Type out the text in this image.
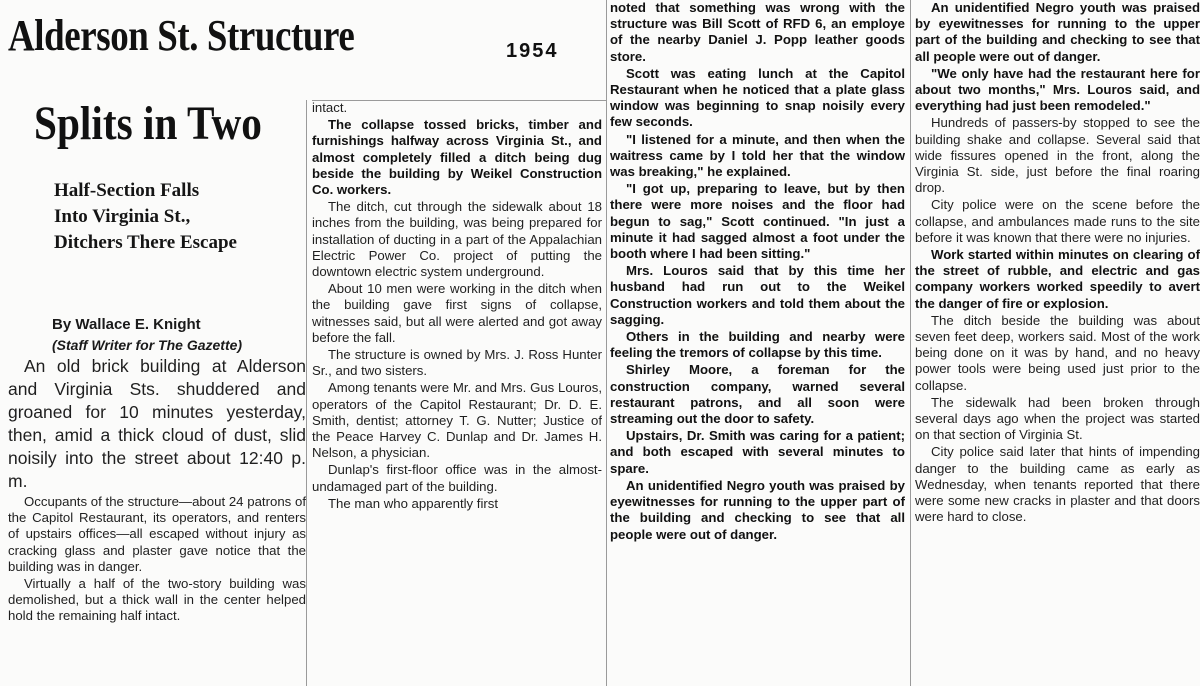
Alderson St. Structure	1954
Splits in Two
Half-Section Falls
Into Virginia St.,
Ditchers There Escape
By Wallace E. Knight
(Staff Writer for The Gazette)

An old brick building at Alderson and Virginia Sts. shuddered and groaned for 10 minutes yesterday, then, amid a thick cloud of dust, slid noisily into the street about 12:40 p. m.

Occupants of the structure—about 24 patrons of the Capitol Restaurant, its operators, and renters of upstairs offices—all escaped without injury as cracking glass and plaster gave notice that the building was in danger.

Virtually a half of the two-story building was demolished, but a thick wall in the center helped hold the remaining half intact.

intact.

The collapse tossed bricks, timber and furnishings halfway across Virginia St., and almost completely filled a ditch being dug beside the building by Weikel Construction Co. workers.

The ditch, cut through the sidewalk about 18 inches from the building, was being prepared for installation of ducting in a part of the Appalachian Electric Power Co. project of putting the downtown electric system underground.

About 10 men were working in the ditch when the building gave first signs of collapse, witnesses said, but all were alerted and got away before the fall.

The structure is owned by Mrs. J. Ross Hunter Sr., and two sisters.

Among tenants were Mr. and Mrs. Gus Louros, operators of the Capitol Restaurant; Dr. D. E. Smith, dentist; attorney T. G. Nutter; Justice of the Peace Harvey C. Dunlap and Dr. James H. Nelson, a physician.

Dunlap's first-floor office was in the almost-undamaged part of the building.

The man who apparently first

noted that something was wrong with the structure was Bill Scott of RFD 6, an employe of the nearby Daniel J. Popp leather goods store.

Scott was eating lunch at the Capitol Restaurant when he noticed that a plate glass window was beginning to snap noisily every few seconds.

"I listened for a minute, and then when the waitress came by I told her that the window was breaking," he explained.

"I got up, preparing to leave, but by then there were more noises and the floor had begun to sag," Scott continued. "In just a minute it had sagged almost a foot under the booth where I had been sitting."

Mrs. Louros said that by this time her husband had run out to the Weikel Construction workers and told them about the sagging.

Others in the building and nearby were feeling the tremors of collapse by this time.

Shirley Moore, a foreman for the construction company, warned several restaurant patrons, and all soon were streaming out the door to safety.

Upstairs, Dr. Smith was caring for a patient; and both escaped with several minutes to spare.

An unidentified Negro youth was praised by eyewitnesses for running to the upper part of the building and checking to see that all people were out of danger.

An unidentified Negro youth was praised by eyewitnesses for running to the upper part of the building and checking to see that all people were out of danger.

"We only have had the restaurant here for about two months," Mrs. Louros said, and everything had just been remodeled."

Hundreds of passers-by stopped to see the building shake and collapse. Several said that wide fissures opened in the front, along the Virginia St. side, just before the final roaring drop.

City police were on the scene before the collapse, and ambulances made runs to the site before it was known that there were no injuries.

Work started within minutes on clearing of the street of rubble, and electric and gas company workers worked speedily to avert the danger of fire or explosion.

The ditch beside the building was about seven feet deep, workers said. Most of the work being done on it was by hand, and no heavy power tools were being used just prior to the collapse.

The sidewalk had been broken through several days ago when the project was started on that section of Virginia St.

City police said later that hints of impending danger to the building came as early as Wednesday, when tenants reported that there were some new cracks in plaster and that doors were hard to close.
